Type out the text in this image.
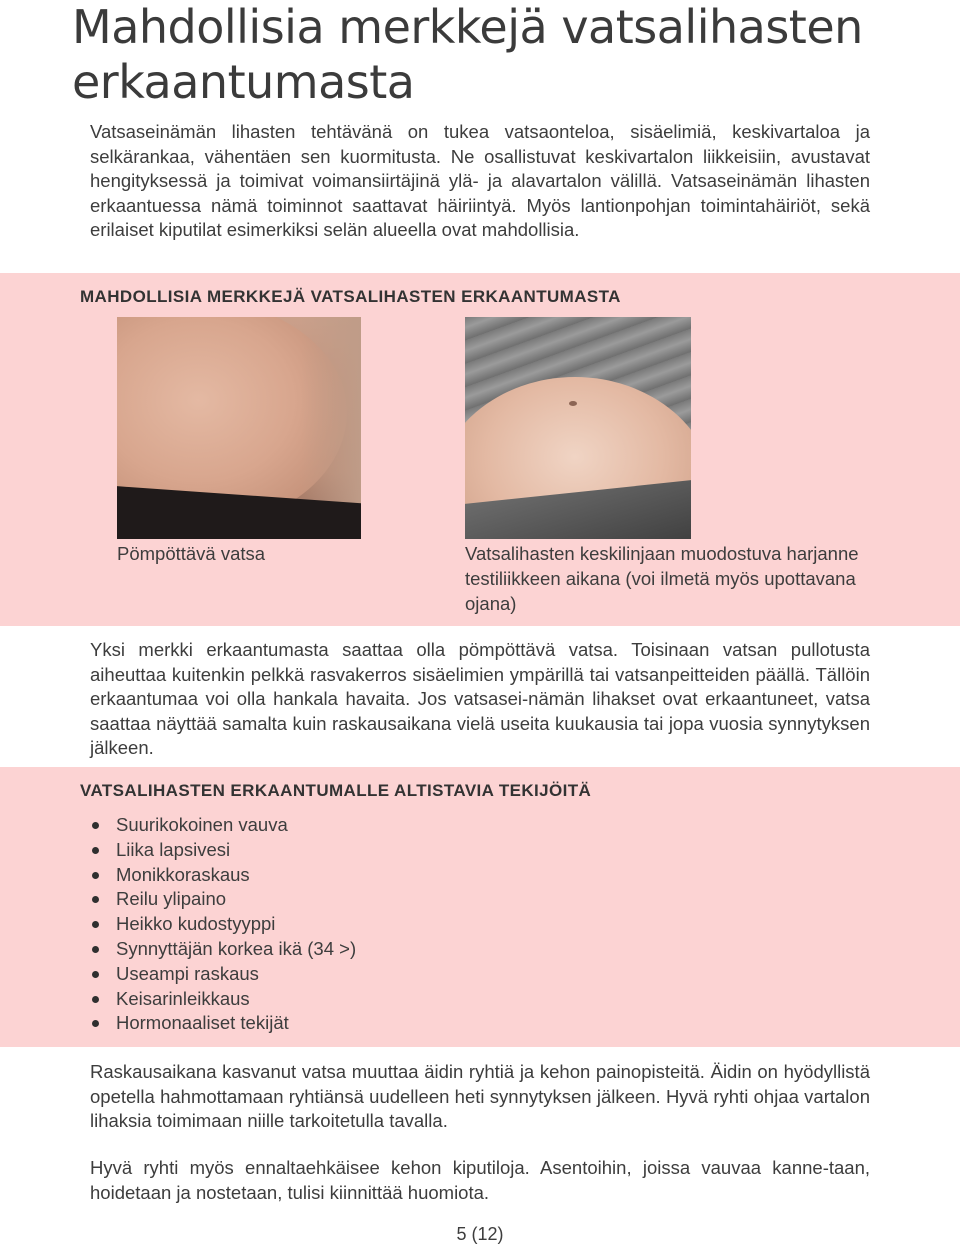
Mahdollisia merkkejä vatsalihasten erkaantumasta

Vatsaseinämän lihasten tehtävänä on tukea vatsaonteloa, sisäelimiä, keskivartaloa ja selkärankaa, vähentäen sen kuormitusta. Ne osallistuvat keskivartalon liikkeisiin, avustavat hengityksessä ja toimivat voimansiirtäjinä ylä- ja alavartalon välillä. Vatsaseinämän lihasten erkaantuessa nämä toiminnot saattavat häiriintyä. Myös lantionpohjan toimintahäiriöt, sekä erilaiset kiputilat esimerkiksi selän alueella ovat mahdollisia.

MAHDOLLISIA MERKKEJÄ VATSALIHASTEN ERKAANTUMASTA

Pömpöttävä vatsa	Vatsalihasten keskilinjaan muodostuva harjanne testiliikkeen aikana (voi ilmetä myös upottavana ojana)

Yksi merkki erkaantumasta saattaa olla pömpöttävä vatsa. Toisinaan vatsan pullotusta aiheuttaa kuitenkin pelkkä rasvakerros sisäelimien ympärillä tai vatsanpeitteiden päällä. Tällöin erkaantumaa voi olla hankala havaita. Jos vatsasei-nämän lihakset ovat erkaantuneet, vatsa saattaa näyttää samalta kuin raskausaikana vielä useita kuukausia tai jopa vuosia synnytyksen jälkeen.

VATSALIHASTEN ERKAANTUMALLE ALTISTAVIA TEKIJÖITÄ
Suurikokoinen vauva
Liika lapsivesi
Monikkoraskaus
Reilu ylipaino
Heikko kudostyyppi
Synnyttäjän korkea ikä (34 >)
Useampi raskaus
Keisarinleikkaus
Hormonaaliset tekijät

Raskausaikana kasvanut vatsa muuttaa äidin ryhtiä ja kehon painopisteitä. Äidin on hyödyllistä opetella hahmottamaan ryhtiänsä uudelleen heti synnytyksen jälkeen. Hyvä ryhti ohjaa vartalon lihaksia toimimaan niille tarkoitetulla tavalla.

Hyvä ryhti myös ennaltaehkäisee kehon kiputiloja. Asentoihin, joissa vauvaa kanne-taan, hoidetaan ja nostetaan, tulisi kiinnittää huomiota.

5 (12)
